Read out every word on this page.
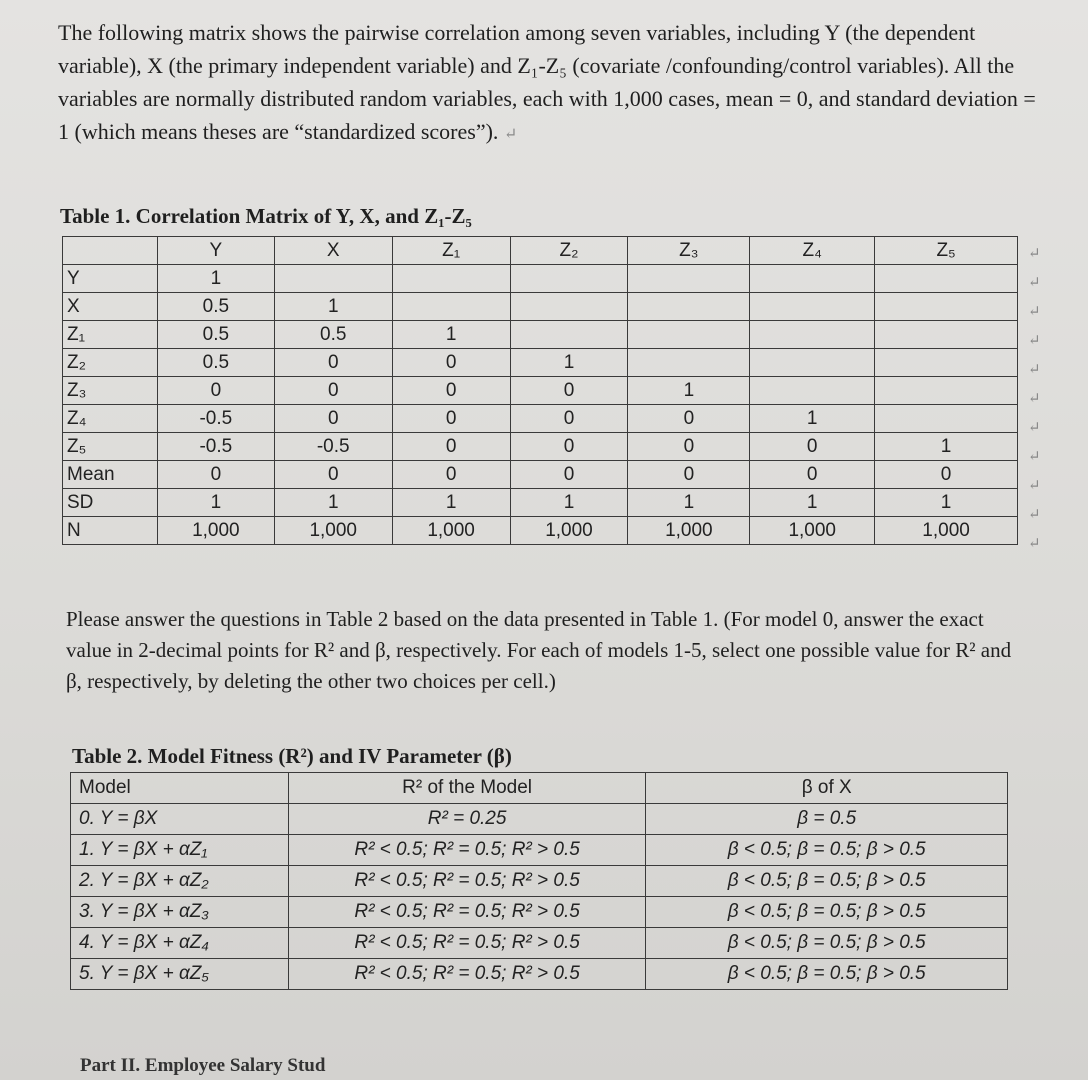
The following matrix shows the pairwise correlation among seven variables, including Y (the dependent variable), X (the primary independent variable) and Z₁-Z₅ (covariate /confounding/control variables). All the variables are normally distributed random variables, each with 1,000 cases, mean = 0, and standard deviation = 1 (which means theses are “standardized scores”). ↵
Table 1. Correlation Matrix of Y, X, and Z₁-Z₅
	Y	X	Z₁	Z₂	Z₃	Z₄	Z₅
Y	1						
X	0.5	1					
Z₁	0.5	0.5	1				
Z₂	0.5	0	0	1			
Z₃	0	0	0	0	1		
Z₄	-0.5	0	0	0	0	1	
Z₅	-0.5	-0.5	0	0	0	0	1
Mean	0	0	0	0	0	0	0
SD	1	1	1	1	1	1	1
N	1,000	1,000	1,000	1,000	1,000	1,000	1,000
↵
↵
↵
↵
↵
↵
↵
↵
↵
↵
↵
Please answer the questions in Table 2 based on the data presented in Table 1. (For model 0, answer the exact value in 2-decimal points for R² and β, respectively. For each of models 1-5, select one possible value for R² and β, respectively, by deleting the other two choices per cell.)
Table 2. Model Fitness (R²) and IV Parameter (β)
Model	R² of the Model	β of X
0. Y = βX	R² = 0.25	β = 0.5
1. Y = βX + αZ₁	R² < 0.5; R² = 0.5; R² > 0.5	β < 0.5; β = 0.5; β > 0.5
2. Y = βX + αZ₂	R² < 0.5; R² = 0.5; R² > 0.5	β < 0.5; β = 0.5; β > 0.5
3. Y = βX + αZ₃	R² < 0.5; R² = 0.5; R² > 0.5	β < 0.5; β = 0.5; β > 0.5
4. Y = βX + αZ₄	R² < 0.5; R² = 0.5; R² > 0.5	β < 0.5; β = 0.5; β > 0.5
5. Y = βX + αZ₅	R² < 0.5; R² = 0.5; R² > 0.5	β < 0.5; β = 0.5; β > 0.5
Part II. Employee Salary Stud
